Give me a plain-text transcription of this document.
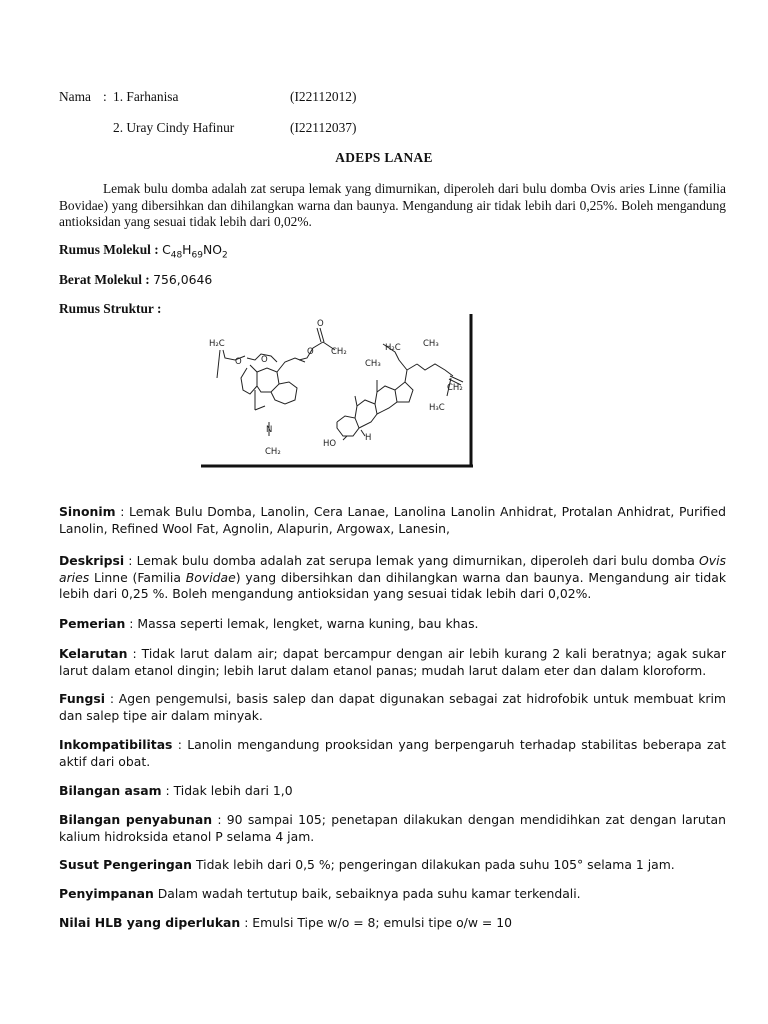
Nama : 1. Farhanisa	(I22112012)
2. Uray Cindy Hafinur	(I22112037)
ADEPS LANAE
Lemak bulu domba adalah zat serupa lemak yang dimurnikan, diperoleh dari bulu domba Ovis aries Linne (familia Bovidae) yang dibersihkan dan dihilangkan warna dan baunya. Mengandung air tidak lebih dari 0,25%. Boleh mengandung antioksidan yang sesuai tidak lebih dari 0,02%.
Rumus Molekul : $C_{48}H_{69}NO_2$
Berat Molekul : 756,0646
Rumus Struktur :
H₂C
O O
O
O
CH₂
N
CH₂
H₂C
CH₃
CH₃
CH₂
H₃C
HO
H
Sinonim : Lemak Bulu Domba, Lanolin, Cera Lanae, Lanolina Lanolin Anhidrat, Protalan Anhidrat, Purified Lanolin, Refined Wool Fat, Agnolin, Alapurin, Argowax, Lanesin,
Deskripsi : Lemak bulu domba adalah zat serupa lemak yang dimurnikan, diperoleh dari bulu domba Ovis aries Linne (Familia Bovidae) yang dibersihkan dan dihilangkan warna dan baunya. Mengandung air tidak lebih dari 0,25 %. Boleh mengandung antioksidan yang sesuai tidak lebih dari 0,02%.
Pemerian : Massa seperti lemak, lengket, warna kuning, bau khas.
Kelarutan : Tidak larut dalam air; dapat bercampur dengan air lebih kurang 2 kali beratnya; agak sukar larut dalam etanol dingin; lebih larut dalam etanol panas; mudah larut dalam eter dan dalam kloroform.
Fungsi : Agen pengemulsi, basis salep dan dapat digunakan sebagai zat hidrofobik untuk membuat krim dan salep tipe air dalam minyak.
Inkompatibilitas : Lanolin mengandung prooksidan yang berpengaruh terhadap stabilitas beberapa zat aktif dari obat.
Bilangan asam : Tidak lebih dari 1,0
Bilangan penyabunan : 90 sampai 105; penetapan dilakukan dengan mendidihkan zat dengan larutan kalium hidroksida etanol P selama 4 jam.
Susut Pengeringan Tidak lebih dari 0,5 %; pengeringan dilakukan pada suhu 105° selama 1 jam.
Penyimpanan Dalam wadah tertutup baik, sebaiknya pada suhu kamar terkendali.
Nilai HLB yang diperlukan : Emulsi Tipe w/o = 8; emulsi tipe o/w = 10
